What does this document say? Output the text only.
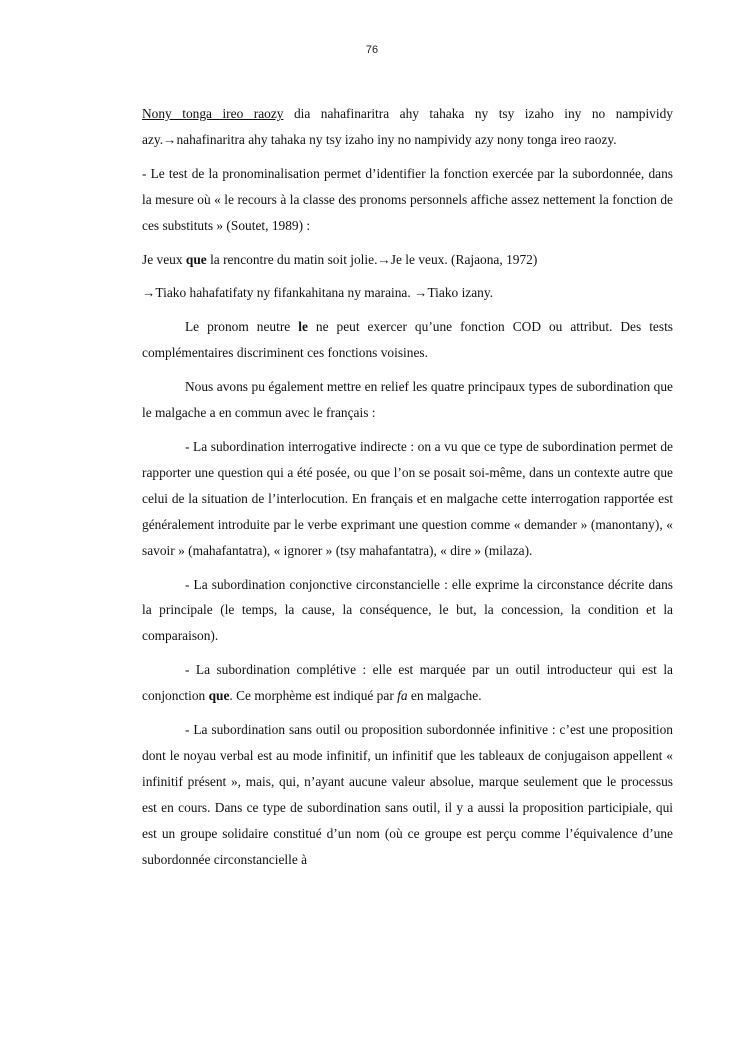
76

Nony tonga ireo raozy dia nahafinaritra ahy tahaka ny tsy izaho iny no nampividy azy.→nahafinaritra ahy tahaka ny tsy izaho iny no nampividy azy nony tonga ireo raozy.

- Le test de la pronominalisation permet d’identifier la fonction exercée par la subordonnée, dans la mesure où « le recours à la classe des pronoms personnels affiche assez nettement la fonction de ces substituts » (Soutet, 1989) :

Je veux que la rencontre du matin soit jolie.→Je le veux. (Rajaona, 1972)

→Tiako hahafatifaty ny fifankahitana ny maraina. →Tiako izany.

Le pronom neutre le ne peut exercer qu’une fonction COD ou attribut. Des tests complémentaires discriminent ces fonctions voisines.

Nous avons pu également mettre en relief les quatre principaux types de subordination que le malgache a en commun avec le français :

- La subordination interrogative indirecte : on a vu que ce type de subordination permet de rapporter une question qui a été posée, ou que l’on se posait soi-même, dans un contexte autre que celui de la situation de l’interlocution. En français et en malgache cette interrogation rapportée est généralement introduite par le verbe exprimant une question comme « demander » (manontany), « savoir » (mahafantatra), « ignorer » (tsy mahafantatra), « dire » (milaza).

- La subordination conjonctive circonstancielle : elle exprime la circonstance décrite dans la principale (le temps, la cause, la conséquence, le but, la concession, la condition et la comparaison).

- La subordination complétive : elle est marquée par un outil introducteur qui est la conjonction que. Ce morphème est indiqué par fa en malgache.

- La subordination sans outil ou proposition subordonnée infinitive : c’est une proposition dont le noyau verbal est au mode infinitif, un infinitif que les tableaux de conjugaison appellent « infinitif présent », mais, qui, n’ayant aucune valeur absolue, marque seulement que le processus est en cours. Dans ce type de subordination sans outil, il y a aussi la proposition participiale, qui est un groupe solidaire constitué d’un nom (où ce groupe est perçu comme l’équivalence d’une subordonnée circonstancielle à
